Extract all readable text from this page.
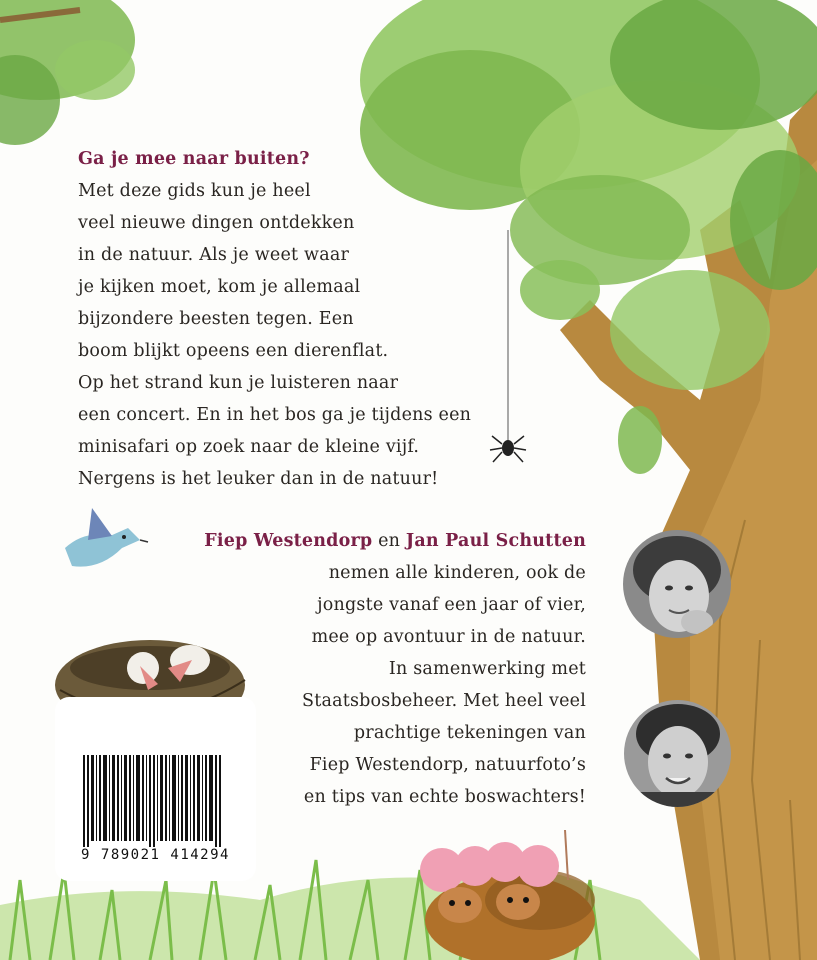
Ga je mee naar buiten?
Met deze gids kun je heel
veel nieuwe dingen ontdekken
in de natuur. Als je weet waar
je kijken moet, kom je allemaal
bijzondere beesten tegen. Een
boom blijkt opeens een dierenflat.
Op het strand kun je luisteren naar
een concert. En in het bos ga je tijdens een
minisafari op zoek naar de kleine vijf.
Nergens is het leuker dan in de natuur!
Fiep Westendorp en Jan Paul Schutten
nemen alle kinderen, ook de
jongste vanaf een jaar of vier,
mee op avontuur in de natuur.
In samenwerking met
Staatsbosbeheer. Met heel veel
prachtige tekeningen van
Fiep Westendorp, natuurfoto’s
en tips van echte boswachters!
9 789021 414294
